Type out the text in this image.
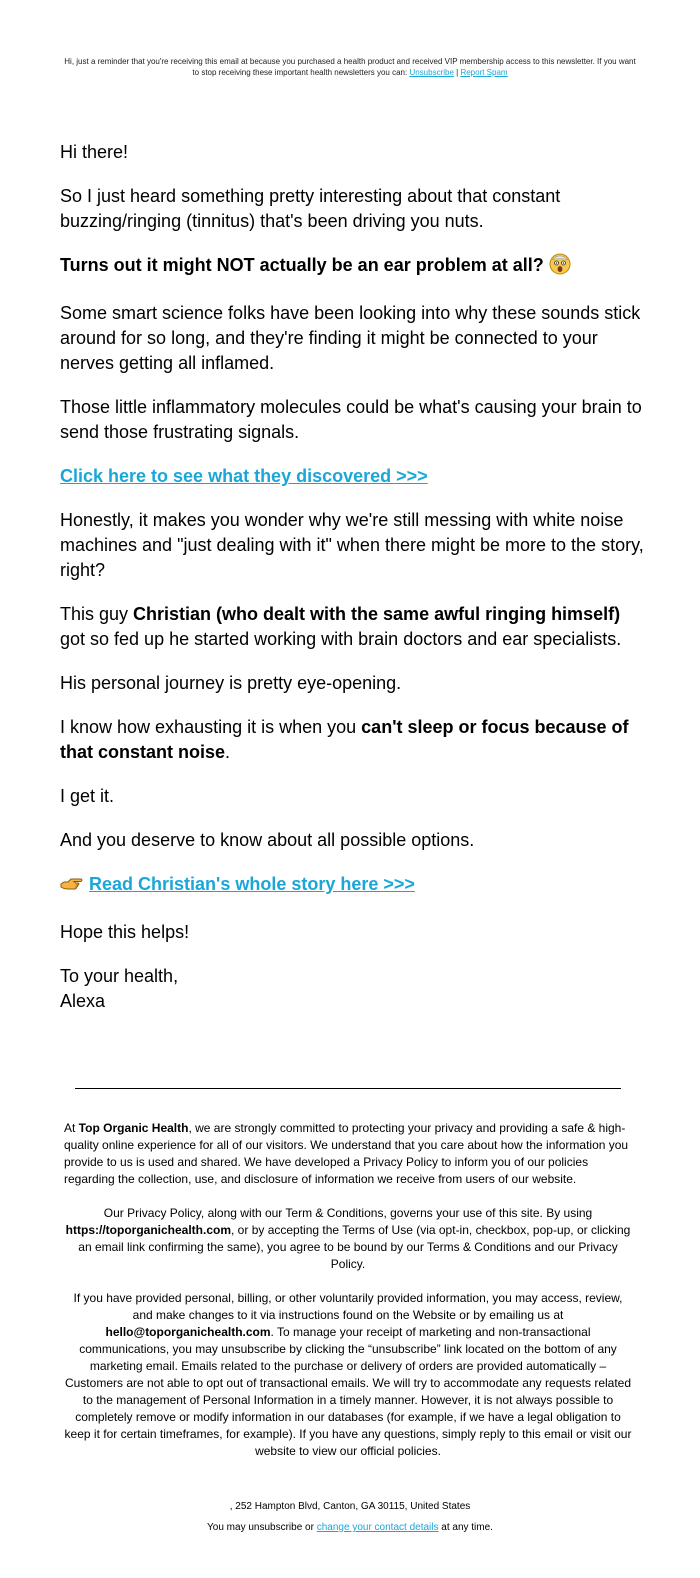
Hi, just a reminder that you're receiving this email at because you purchased a health product and received VIP membership access to this newsletter. If you want to stop receiving these important health newsletters you can: Unsubscribe | Report Spam

Hi there!

So I just heard something pretty interesting about that constant buzzing/ringing (tinnitus) that's been driving you nuts.

Turns out it might NOT actually be an ear problem at all?

Some smart science folks have been looking into why these sounds stick around for so long, and they're finding it might be connected to your nerves getting all inflamed.

Those little inflammatory molecules could be what's causing your brain to send those frustrating signals.

Click here to see what they discovered >>>

Honestly, it makes you wonder why we're still messing with white noise machines and "just dealing with it" when there might be more to the story, right?

This guy Christian (who dealt with the same awful ringing himself) got so fed up he started working with brain doctors and ear specialists.

His personal journey is pretty eye-opening.

I know how exhausting it is when you can't sleep or focus because of that constant noise.

I get it.

And you deserve to know about all possible options.

Read Christian's whole story here >>>

Hope this helps!

To your health,
Alexa

At Top Organic Health, we are strongly committed to protecting your privacy and providing a safe & high-quality online experience for all of our visitors. We understand that you care about how the information you provide to us is used and shared. We have developed a Privacy Policy to inform you of our policies regarding the collection, use, and disclosure of information we receive from users of our website.

Our Privacy Policy, along with our Term & Conditions, governs your use of this site. By using https://toporganichealth.com, or by accepting the Terms of Use (via opt-in, checkbox, pop-up, or clicking an email link confirming the same), you agree to be bound by our Terms & Conditions and our Privacy Policy.

If you have provided personal, billing, or other voluntarily provided information, you may access, review, and make changes to it via instructions found on the Website or by emailing us at hello@toporganichealth.com. To manage your receipt of marketing and non-transactional communications, you may unsubscribe by clicking the “unsubscribe” link located on the bottom of any marketing email. Emails related to the purchase or delivery of orders are provided automatically – Customers are not able to opt out of transactional emails. We will try to accommodate any requests related to the management of Personal Information in a timely manner. However, it is not always possible to completely remove or modify information in our databases (for example, if we have a legal obligation to keep it for certain timeframes, for example). If you have any questions, simply reply to this email or visit our website to view our official policies.

, 252 Hampton Blvd, Canton, GA 30115, United States

You may unsubscribe or change your contact details at any time.
